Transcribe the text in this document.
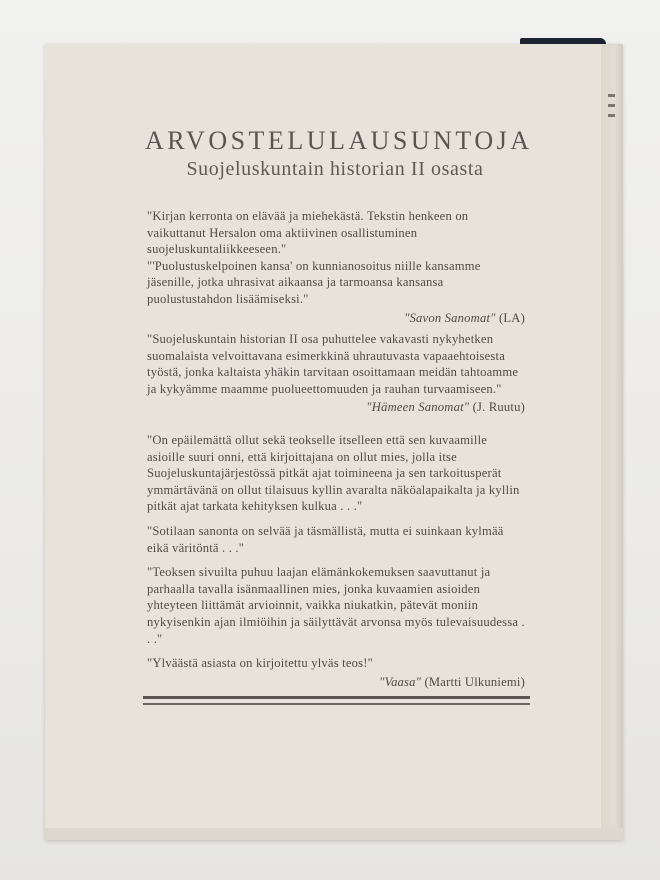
ARVOSTELULAUSUNTOJA
Suojeluskuntain historian II osasta

"Kirjan kerronta on elävää ja miehekästä. Tekstin henkeen on vaikuttanut Hersalon oma aktiivinen osallistuminen suojeluskuntaliikkeeseen."

"'Puolustuskelpoinen kansa' on kunnianosoitus niille kansamme jäsenille, jotka uhrasivat aikaansa ja tarmoansa kansansa puolustustahdon lisäämiseksi."

"Savon Sanomat" (LA)

"Suojeluskuntain historian II osa puhuttelee vakavasti nykyhetken suomalaista velvoittavana esimerkkinä uhrautuvasta vapaaehtoisesta työstä, jonka kaltaista yhäkin tarvitaan osoittamaan meidän tahtoamme ja kykyämme maamme puolueettomuuden ja rauhan turvaamiseen."

"Hämeen Sanomat" (J. Ruutu)

"On epäilemättä ollut sekä teokselle itselleen että sen kuvaamille asioille suuri onni, että kirjoittajana on ollut mies, jolla itse Suojeluskuntajärjestössä pitkät ajat toimineena ja sen tarkoitusperät ymmärtävänä on ollut tilaisuus kyllin avaralta näköalapaikalta ja kyllin pitkät ajat tarkata kehityksen kulkua . . ."

"Sotilaan sanonta on selvää ja täsmällistä, mutta ei suinkaan kylmää eikä väritöntä . . ."

"Teoksen sivuilta puhuu laajan elämänkokemuksen saavuttanut ja parhaalla tavalla isänmaallinen mies, jonka kuvaamien asioiden yhteyteen liittämät arvioinnit, vaikka niukatkin, pätevät moniin nykyisenkin ajan ilmiöihin ja säilyttävät arvonsa myös tulevaisuudessa . . ."

"Ylväästä asiasta on kirjoitettu ylväs teos!"

"Vaasa" (Martti Ulkuniemi)
